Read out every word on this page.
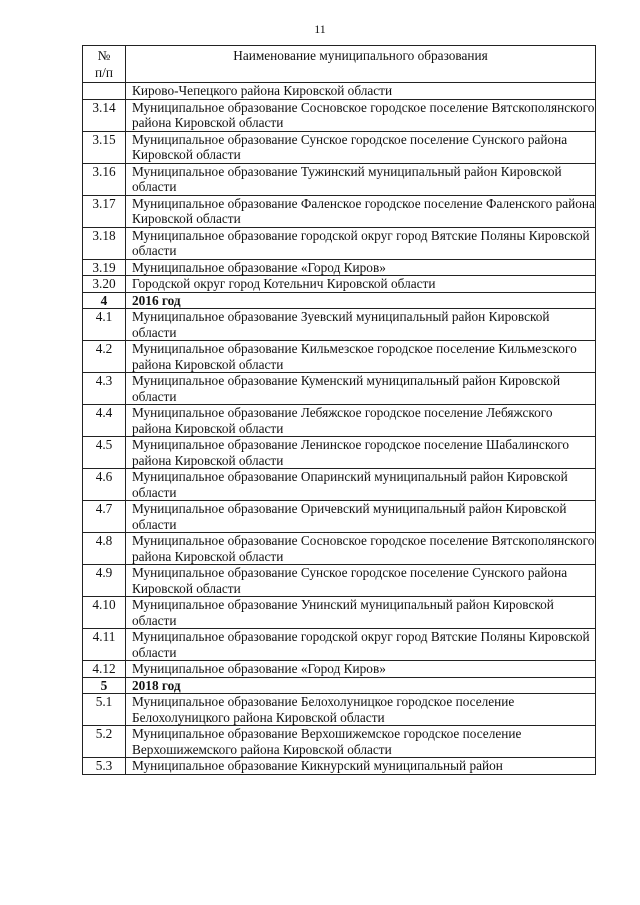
11
№
п/п	Наименование муниципального образования
	Кирово-Чепецкого района Кировской области
3.14	Муниципальное образование Сосновское городское поселение Вятскополянского района Кировской области
3.15	Муниципальное образование Сунское городское поселение Сунского района Кировской области
3.16	Муниципальное образование Тужинский муниципальный район Кировской области
3.17	Муниципальное образование Фаленское городское поселение Фаленского района Кировской области
3.18	Муниципальное образование городской округ город Вятские Поляны Кировской области
3.19	Муниципальное образование «Город Киров»
3.20	Городской округ город Котельнич Кировской области
4	2016 год
4.1	Муниципальное образование Зуевский муниципальный район Кировской области
4.2	Муниципальное образование Кильмезское городское поселение Кильмезского района Кировской области
4.3	Муниципальное образование Куменский муниципальный район Кировской области
4.4	Муниципальное образование Лебяжское городское поселение Лебяжского района Кировской области
4.5	Муниципальное образование Ленинское городское поселение Шабалинского района Кировской области
4.6	Муниципальное образование Опаринский муниципальный район Кировской области
4.7	Муниципальное образование Оричевский муниципальный район Кировской области
4.8	Муниципальное образование Сосновское городское поселение Вятскополянского района Кировской области
4.9	Муниципальное образование Сунское городское поселение Сунского района Кировской области
4.10	Муниципальное образование Унинский муниципальный район Кировской области
4.11	Муниципальное образование городской округ город Вятские Поляны Кировской области
4.12	Муниципальное образование «Город Киров»
5	2018 год
5.1	Муниципальное образование Белохолуницкое городское поселение Белохолуницкого района Кировской области
5.2	Муниципальное образование Верхошижемское городское поселение Верхошижемского района Кировской области
5.3	Муниципальное образование Кикнурский муниципальный район
